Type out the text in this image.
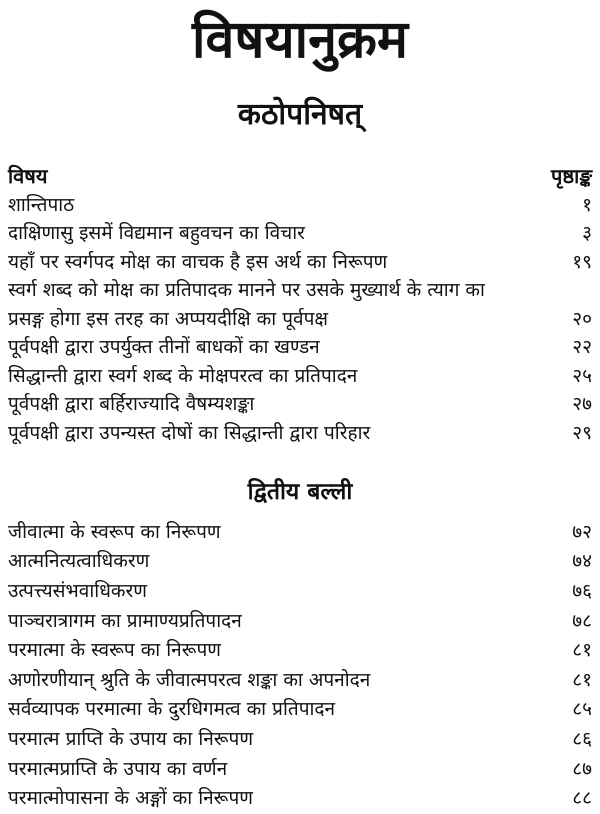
विषयानुक्रम
कठोपनिषत्
विषय	पृष्ठाङ्क
शान्तिपाठ	१
दाक्षिणासु इसमें विद्यमान बहुवचन का विचार	३
यहाँ पर स्वर्गपद मोक्ष का वाचक है इस अर्थ का निरूपण	१९
स्वर्ग शब्द को मोक्ष का प्रतिपादक मानने पर उसके मुख्यार्थ के त्याग का
प्रसङ्ग होगा इस तरह का अप्पयदीक्षि का पूर्वपक्ष	२०
पूर्वपक्षी द्वारा उपर्युक्त तीनों बाधकों का खण्डन	२२
सिद्धान्ती द्वारा स्वर्ग शब्द के मोक्षपरत्व का प्रतिपादन	२५
पूर्वपक्षी द्वारा बर्हिराज्यादि वैषम्यशङ्का	२७
पूर्वपक्षी द्वारा उपन्यस्त दोषों का सिद्धान्ती द्वारा परिहार	२९
द्वितीय बल्ली
जीवात्मा के स्वरूप का निरूपण	७२
आत्मनित्यत्वाधिकरण	७४
उत्पत्त्यसंभवाधिकरण	७६
पाञ्चरात्रागम का प्रामाण्यप्रतिपादन	७८
परमात्मा के स्वरूप का निरूपण	८१
अणोरणीयान् श्रुति के जीवात्मपरत्व शङ्का का अपनोदन	८१
सर्वव्यापक परमात्मा के दुरधिगमत्व का प्रतिपादन	८५
परमात्म प्राप्ति के उपाय का निरूपण	८६
परमात्मप्राप्ति के उपाय का वर्णन	८७
परमात्मोपासना के अङ्गों का निरूपण	८८
